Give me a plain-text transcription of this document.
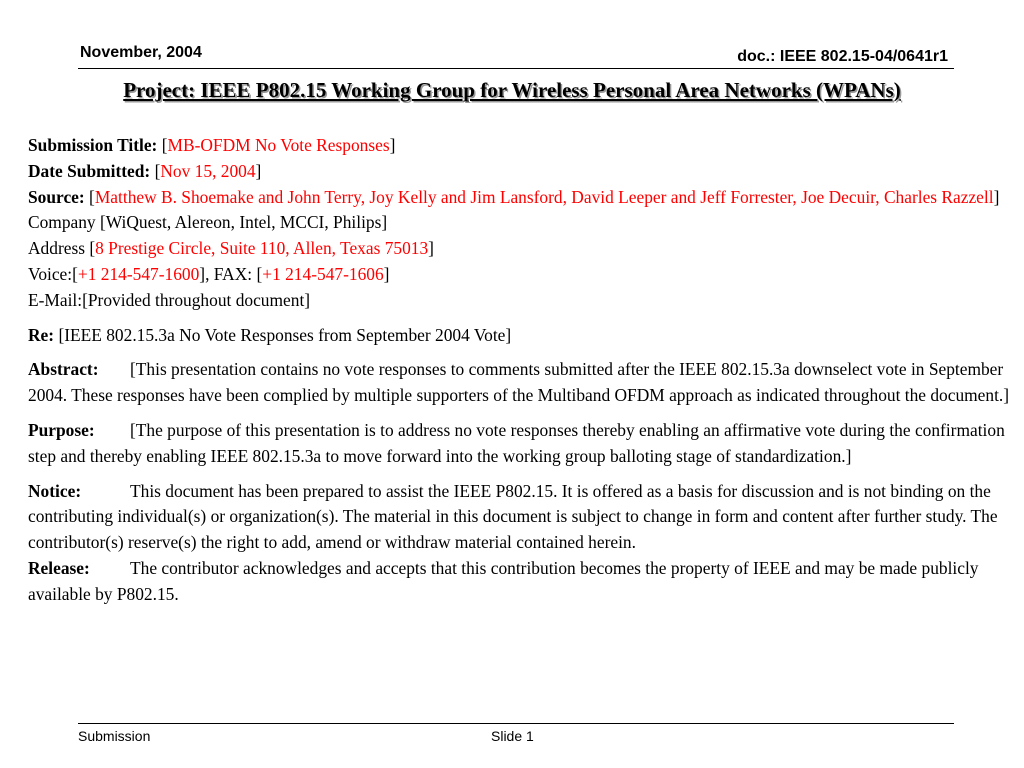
November, 2004	doc.: IEEE 802.15-04/0641r1
Project: IEEE P802.15 Working Group for Wireless Personal Area Networks (WPANs)
Submission Title: [MB-OFDM No Vote Responses]
Date Submitted: [Nov 15, 2004]
Source: [Matthew B. Shoemake and John Terry, Joy Kelly and Jim Lansford, David Leeper and Jeff Forrester, Joe Decuir, Charles Razzell]
Company [WiQuest, Alereon, Intel, MCCI, Philips]
Address [8 Prestige Circle, Suite 110, Allen, Texas 75013]
Voice:[+1 214-547-1600], FAX: [+1 214-547-1606]
E-Mail:[Provided throughout document]
Re: [IEEE 802.15.3a No Vote Responses from September 2004 Vote]
Abstract: [This presentation contains no vote responses to comments submitted after the IEEE 802.15.3a downselect vote in September 2004. These responses have been complied by multiple supporters of the Multiband OFDM approach as indicated throughout the document.]
Purpose: [The purpose of this presentation is to address no vote responses thereby enabling an affirmative vote during the confirmation step and thereby enabling IEEE 802.15.3a to move forward into the working group balloting stage of standardization.]
Notice:	This document has been prepared to assist the IEEE P802.15. It is offered as a basis for discussion and is not binding on the contributing individual(s) or organization(s). The material in this document is subject to change in form and content after further study. The contributor(s) reserve(s) the right to add, amend or withdraw material contained herein.
Release: The contributor acknowledges and accepts that this contribution becomes the property of IEEE and may be made publicly available by P802.15.
Submission	Slide 1
